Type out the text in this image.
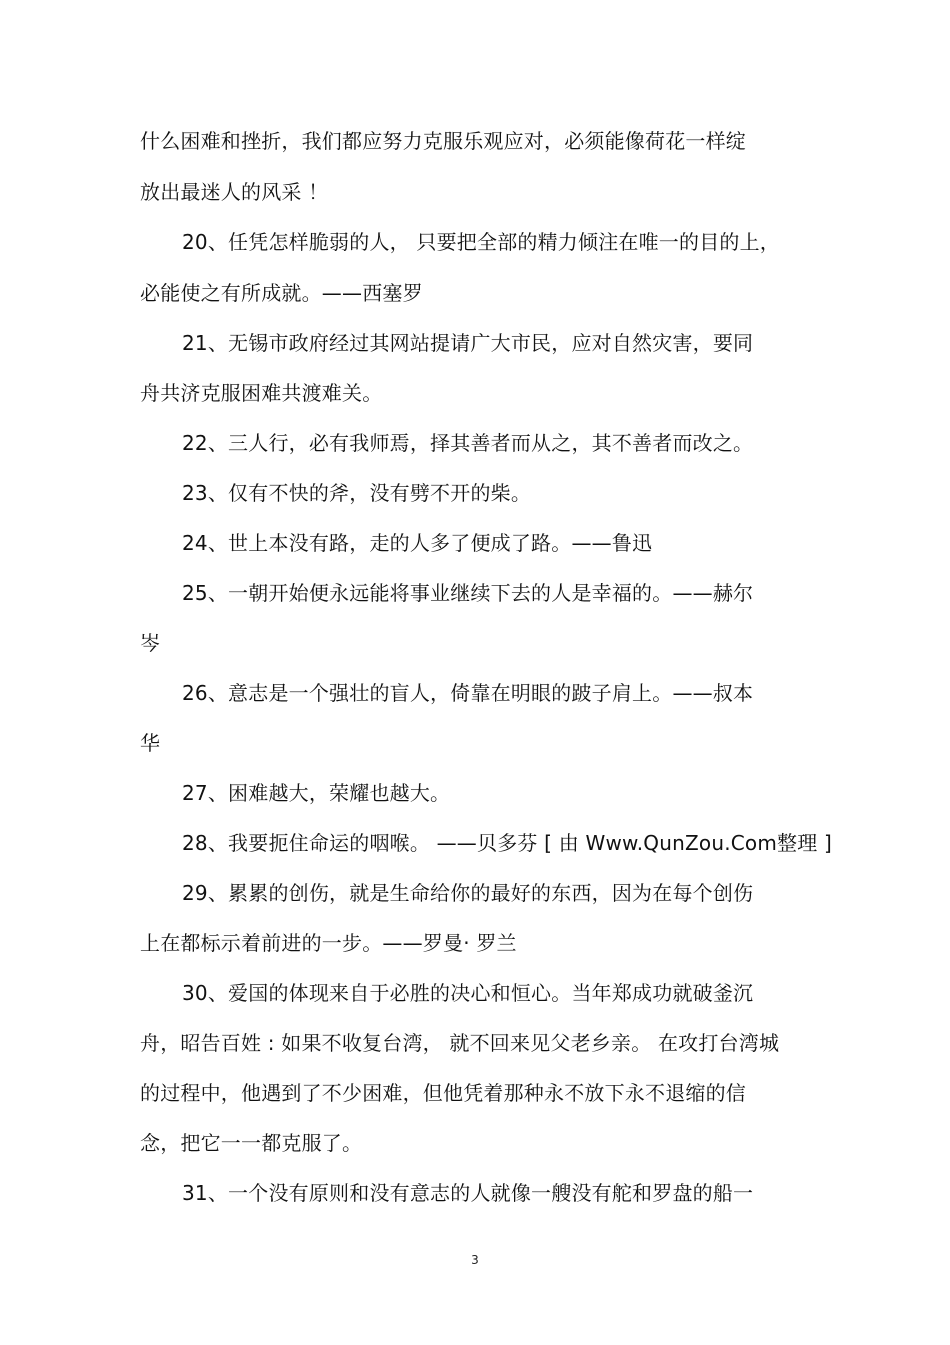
什么困难和挫折，我们都应努力克服乐观应对，必须能像荷花一样绽
放出最迷人的风采 ！
20、任凭怎样脆弱的人， 只要把全部的精力倾注在唯一的目的上，
必能使之有所成就。——西塞罗
21、无锡市政府经过其网站提请广大市民，应对自然灾害，要同
舟共济克服困难共渡难关。
22、三人行，必有我师焉，择其善者而从之，其不善者而改之。
23、仅有不快的斧，没有劈不开的柴。
24、世上本没有路，走的人多了便成了路。——鲁迅
25、一朝开始便永远能将事业继续下去的人是幸福的。——赫尔
岑
26、意志是一个强壮的盲人，倚靠在明眼的跛子肩上。——叔本
华
27、困难越大，荣耀也越大。
28、我要扼住命运的咽喉。 ——贝多芬 [ 由 Www.QunZou.Com整理 ]
29、累累的创伤，就是生命给你的最好的东西，因为在每个创伤
上在都标示着前进的一步。——罗曼· 罗兰
30、爱国的体现来自于必胜的决心和恒心。当年郑成功就破釜沉
舟，昭告百姓 : 如果不收复台湾， 就不回来见父老乡亲。 在攻打台湾城
的过程中，他遇到了不少困难，但他凭着那种永不放下永不退缩的信
念，把它一一都克服了。
31、一个没有原则和没有意志的人就像一艘没有舵和罗盘的船一
3
